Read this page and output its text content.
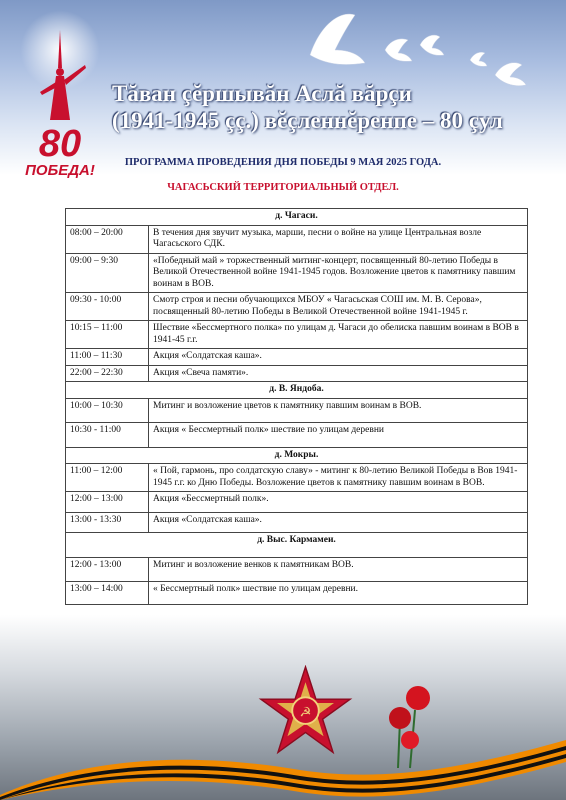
80
ПОБЕДА!
Тăван çĕршывăн Аслă вăрçи
(1941-1945 çç.) вĕçленнĕренпе – 80 çул
ПРОГРАММА ПРОВЕДЕНИЯ ДНЯ ПОБЕДЫ 9 МАЯ 2025 ГОДА.
ЧАГАСЬСКИЙ ТЕРРИТОРИАЛЬНЫЙ ОТДЕЛ.
д. Чагаси.	
08:00 – 20:00	В течения дня звучит музыка, марши, песни о войне на улице Центральная возле Чагасьского СДК.
09:00 – 9:30	«Победный май » торжественный митинг-концерт, посвященный 80-летию Победы в Великой Отечественной войне 1941-1945 годов. Возложение цветов к памятнику павшим воинам в ВОВ.
09:30 - 10:00	Смотр строя и песни обучающихся МБОУ « Чагасьская СОШ им. М. В. Серова», посвященный 80-летию Победы в Великой Отечественной войне 1941-1945 г.
10:15 – 11:00	Шествие «Бессмертного полка» по улицам д. Чагаси до обелиска павшим воинам в ВОВ в 1941-45 г.г.
11:00 – 11:30	Акция «Солдатская каша».
22:00 – 22:30	Акция «Свеча памяти».
д. В. Яндоба.	
10:00 – 10:30	Митинг и возложение цветов к памятнику павшим воинам в ВОВ.
10:30 - 11:00	Акция « Бессмертный полк» шествие по улицам деревни
д. Мокры.	
11:00 – 12:00	« Пой, гармонь, про солдатскую славу» - митинг к 80-летию Великой Победы в Вов 1941-1945 г.г. ко Дню Победы. Возложение цветов к памятнику павшим воинам в ВОВ.
12:00 – 13:00	Акция «Бессмертный полк».
13:00 - 13:30	Акция «Солдатская каша».
д. Выс. Кармамеи.	
12:00 - 13:00	Митинг и возложение венков к памятникам ВОВ.
13:00 – 14:00	« Бессмертный полк» шествие по улицам деревни.
☭
